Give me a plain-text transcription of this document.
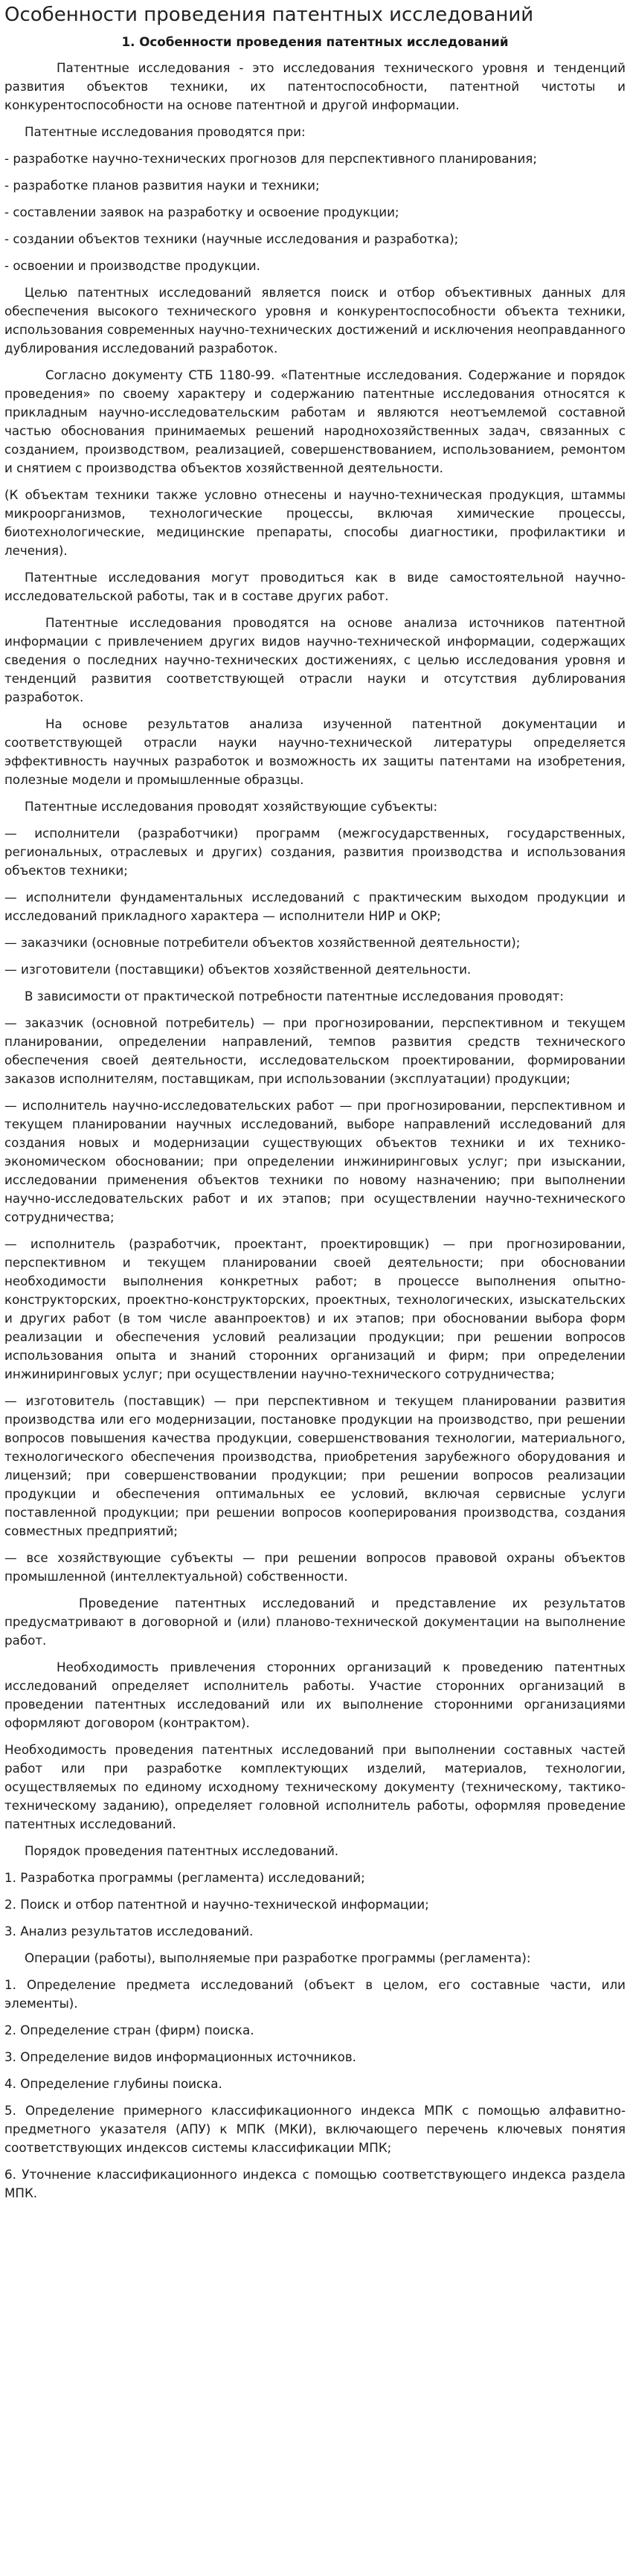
Особенности проведения патентных исследований
1. Особенности проведения патентных исследований

Патентные исследования - это исследования технического уровня и тенденций развития объектов техники, их патентоспособности, патентной чистоты и конкурентоспособности на основе патентной и другой информации.

Патентные исследования проводятся при:

- разработке научно-технических прогнозов для перспективного планирования;

- разработке планов развития науки и техники;

- составлении заявок на разработку и освоение продукции;

- создании объектов техники (научные исследования и разработка);

- освоении и производстве продукции.

Целью патентных исследований является поиск и отбор объективных данных для обеспечения высокого технического уровня и конкурентоспособности объекта техники, использования современных научно-технических достижений и исключения неоправданного дублирования исследований разработок.

Согласно документу СТБ 1180-99. «Патентные исследования. Содержание и порядок проведения» по своему характеру и содержанию патентные исследования относятся к прикладным научно-исследовательским работам и являются неотъемлемой составной частью обоснования принимаемых решений народнохозяйственных задач, связанных с созданием, производством, реализацией, совершенствованием, использованием, ремонтом и снятием с производства объектов хозяйственной деятельности.

(К объектам техники также условно отнесены и научно-техническая продукция, штаммы микроорганизмов, технологические процессы, включая химические процессы, биотехнологические, медицинские препараты, способы диагностики, профилактики и лечения).

Патентные исследования могут проводиться как в виде самостоятельной научно-исследовательской работы, так и в составе других работ.

Патентные исследования проводятся на основе анализа источников патентной информации с привлечением других видов научно-технической информации, содержащих сведения о последних научно-технических достижениях, с целью исследования уровня и тенденций развития соответствующей отрасли науки и отсутствия дублирования разработок.

На основе результатов анализа изученной патентной документации и соответствующей отрасли науки научно-технической литературы определяется эффективность научных разработок и возможность их защиты патентами на изобретения, полезные модели и промышленные образцы.

Патентные исследования проводят хозяйствующие субъекты:

— исполнители (разработчики) программ (межгосударственных, государственных, региональных, отраслевых и других) создания, развития производства и использования объектов техники;

— исполнители фундаментальных исследований с практическим выходом продукции и исследований прикладного характера — исполнители НИР и ОКР;

— заказчики (основные потребители объектов хозяйственной деятельности);

— изготовители (поставщики) объектов хозяйственной деятельности.

В зависимости от практической потребности патентные исследования проводят:

— заказчик (основной потребитель) — при прогнозировании, перспективном и текущем планировании, определении направлений, темпов развития средств технического обеспечения своей деятельности, исследовательском проектировании, формировании заказов исполнителям, поставщикам, при использовании (эксплуатации) продукции;

— исполнитель научно-исследовательских работ — при прогнозировании, перспективном и текущем планировании научных исследований, выборе направлений исследований для создания новых и модернизации существующих объектов техники и их технико-экономическом обосновании; при определении инжиниринговых услуг; при изыскании, исследовании применения объектов техники по новому назначению; при выполнении научно-исследовательских работ и их этапов; при осуществлении научно-технического сотрудничества;

— исполнитель (разработчик, проектант, проектировщик) — при прогнозировании, перспективном и текущем планировании своей деятельности; при обосновании необходимости выполнения конкретных работ; в процессе выполнения опытно-конструкторских, проектно-конструкторских, проектных, технологических, изыскательских и других работ (в том числе аванпроектов) и их этапов; при обосновании выбора форм реализации и обеспечения условий реализации продукции; при решении вопросов использования опыта и знаний сторонних организаций и фирм; при определении инжиниринговых услуг; при осуществлении научно-технического сотрудничества;

— изготовитель (поставщик) — при перспективном и текущем планировании развития производства или его модернизации, постановке продукции на производство, при решении вопросов повышения качества продукции, совершенствования технологии, материального, технологического обеспечения производства, приобретения зарубежного оборудования и лицензий; при совершенствовании продукции; при решении вопросов реализации продукции и обеспечения оптимальных ее условий, включая сервисные услуги поставленной продукции; при решении вопросов кооперирования производства, создания совместных предприятий;

— все хозяйствующие субъекты — при решении вопросов правовой охраны объектов промышленной (интеллектуальной) собственности.

Проведение патентных исследований и представление их результатов предусматривают в договорной и (или) планово-технической документации на выполнение работ.

Необходимость привлечения сторонних организаций к проведению патентных исследований определяет исполнитель работы. Участие сторонних организаций в проведении патентных исследований или их выполнение сторонними организациями оформляют договором (контрактом).

Необходимость проведения патентных исследований при выполнении составных частей работ или при разработке комплектующих изделий, материалов, технологии, осуществляемых по единому исходному техническому документу (техническому, тактико-техническому заданию), определяет головной исполнитель работы, оформляя проведение патентных исследований.

Порядок проведения патентных исследований.

1. Разработка программы (регламента) исследований;

2. Поиск и отбор патентной и научно-технической информации;

3. Анализ результатов исследований.

Операции (работы), выполняемые при разработке программы (регламента):

1. Определение предмета исследований (объект в целом, его составные части, или элементы).

2. Определение стран (фирм) поиска.

3. Определение видов информационных источников.

4. Определение глубины поиска.

5. Определение примерного классификационного индекса МПК с помощью алфавитно-предметного указателя (АПУ) к МПК (МКИ), включающего перечень ключевых понятия соответствующих индексов системы классификации МПК;

6. Уточнение классификационного индекса с помощью соответствующего индекса раздела МПК.
